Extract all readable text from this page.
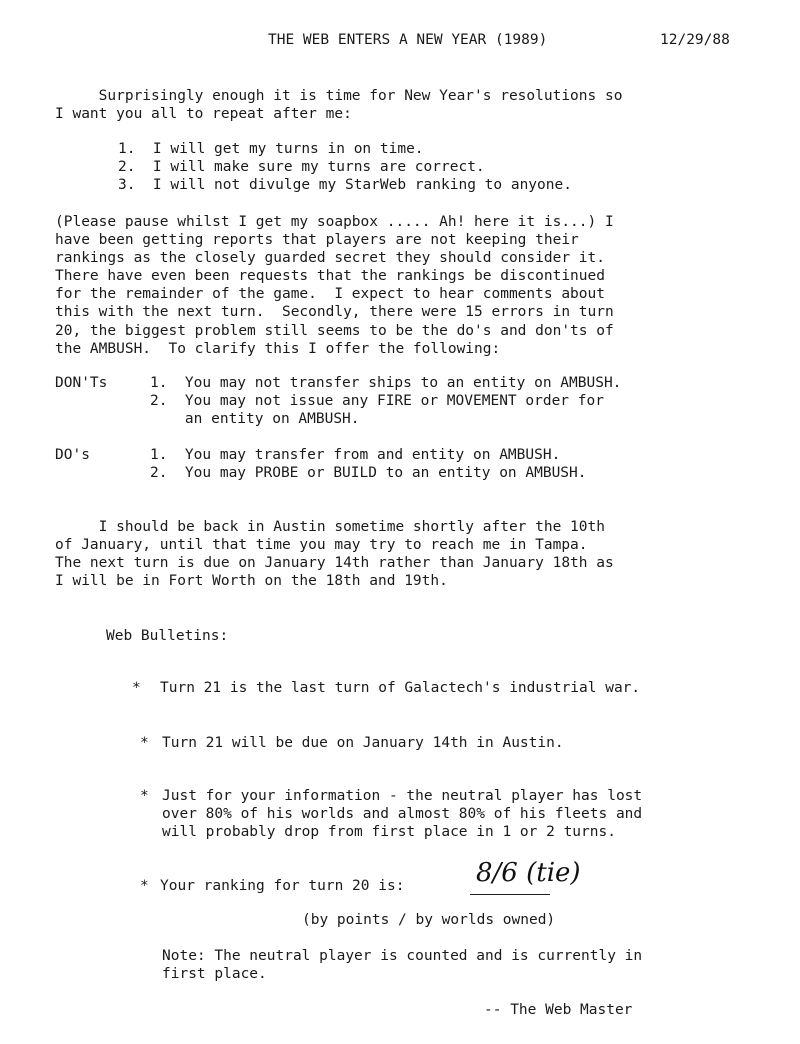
THE WEB ENTERS A NEW YEAR (1989)	12/29/88
Surprisingly enough it is time for New Year's resolutions so
I want you all to repeat after me:
1.  I will get my turns in on time.
2.  I will make sure my turns are correct.
3.  I will not divulge my StarWeb ranking to anyone.
(Please pause whilst I get my soapbox ..... Ah! here it is...) I
have been getting reports that players are not keeping their
rankings as the closely guarded secret they should consider it.
There have even been requests that the rankings be discontinued
for the remainder of the game.  I expect to hear comments about
this with the next turn.  Secondly, there were 15 errors in turn
20, the biggest problem still seems to be the do's and don'ts of
the AMBUSH.  To clarify this I offer the following:
DON'Ts	1.  You may not transfer ships to an entity on AMBUSH.
2.  You may not issue any FIRE or MOVEMENT order for
an entity on AMBUSH.
DO's	1.  You may transfer from and entity on AMBUSH.
2.  You may PROBE or BUILD to an entity on AMBUSH.
I should be back in Austin sometime shortly after the 10th
of January, until that time you may try to reach me in Tampa.
The next turn is due on January 14th rather than January 18th as
I will be in Fort Worth on the 18th and 19th.
Web Bulletins:
* Turn 21 is the last turn of Galactech's industrial war.
* Turn 21 will be due on January 14th in Austin.
* Just for your information - the neutral player has lost
over 80% of his worlds and almost 80% of his fleets and
will probably drop from first place in 1 or 2 turns.
* Your ranking for turn 20 is:	8/6 (tie)
(by points / by worlds owned)
Note: The neutral player is counted and is currently in
first place.
-- The Web Master
